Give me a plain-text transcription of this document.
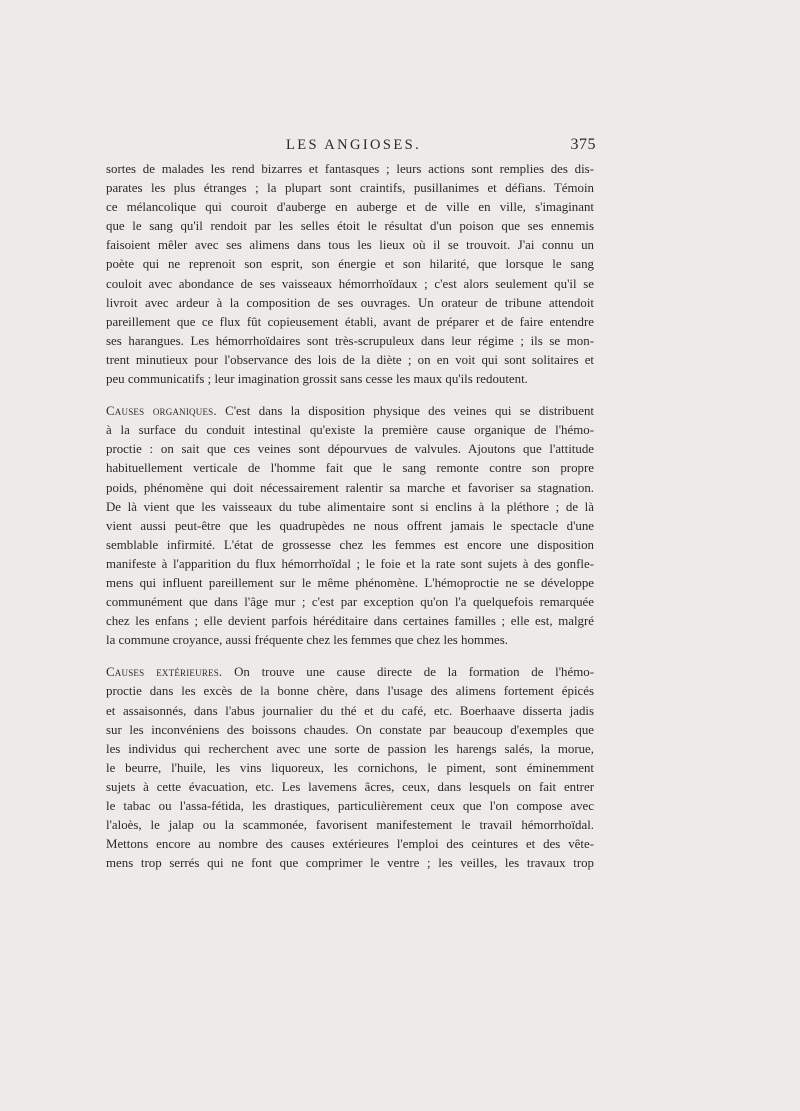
LES ANGIOSES.	375
sortes de malades les rend bizarres et fantasques ; leurs actions sont remplies des dis-
parates les plus étranges ; la plupart sont craintifs, pusillanimes et défians. Témoin
ce mélancolique qui couroit d'auberge en auberge et de ville en ville, s'imaginant
que le sang qu'il rendoit par les selles étoit le résultat d'un poison que ses ennemis
faisoient mêler avec ses alimens dans tous les lieux où il se trouvoit. J'ai connu un
poète qui ne reprenoit son esprit, son énergie et son hilarité, que lorsque le sang
couloit avec abondance de ses vaisseaux hémorrhoïdaux ; c'est alors seulement qu'il se
livroit avec ardeur à la composition de ses ouvrages. Un orateur de tribune attendoit
pareillement que ce flux fût copieusement établi, avant de préparer et de faire entendre
ses harangues. Les hémorrhoïdaires sont très-scrupuleux dans leur régime ; ils se mon-
trent minutieux pour l'observance des lois de la diète ; on en voit qui sont solitaires et
peu communicatifs ; leur imagination grossit sans cesse les maux qu'ils redoutent.
Causes organiques. C'est dans la disposition physique des veines qui se distribuent
à la surface du conduit intestinal qu'existe la première cause organique de l'hémo-
proctie : on sait que ces veines sont dépourvues de valvules. Ajoutons que l'attitude
habituellement verticale de l'homme fait que le sang remonte contre son propre
poids, phénomène qui doit nécessairement ralentir sa marche et favoriser sa stagnation.
De là vient que les vaisseaux du tube alimentaire sont si enclins à la pléthore ; de là
vient aussi peut-être que les quadrupèdes ne nous offrent jamais le spectacle d'une
semblable infirmité. L'état de grossesse chez les femmes est encore une disposition
manifeste à l'apparition du flux hémorrhoïdal ; le foie et la rate sont sujets à des gonfle-
mens qui influent pareillement sur le même phénomène. L'hémoproctie ne se développe
communément que dans l'âge mur ; c'est par exception qu'on l'a quelquefois remarquée
chez les enfans ; elle devient parfois héréditaire dans certaines familles ; elle est, malgré
la commune croyance, aussi fréquente chez les femmes que chez les hommes.
Causes extérieures. On trouve une cause directe de la formation de l'hémo-
proctie dans les excès de la bonne chère, dans l'usage des alimens fortement épicés
et assaisonnés, dans l'abus journalier du thé et du café, etc. Boerhaave disserta jadis
sur les inconvéniens des boissons chaudes. On constate par beaucoup d'exemples que
les individus qui recherchent avec une sorte de passion les harengs salés, la morue,
le beurre, l'huile, les vins liquoreux, les cornichons, le piment, sont éminemment
sujets à cette évacuation, etc. Les lavemens âcres, ceux, dans lesquels on fait entrer
le tabac ou l'assa-fétida, les drastiques, particulièrement ceux que l'on compose avec
l'aloès, le jalap ou la scammonée, favorisent manifestement le travail hémorrhoïdal.
Mettons encore au nombre des causes extérieures l'emploi des ceintures et des vête-
mens trop serrés qui ne font que comprimer le ventre ; les veilles, les travaux trop
